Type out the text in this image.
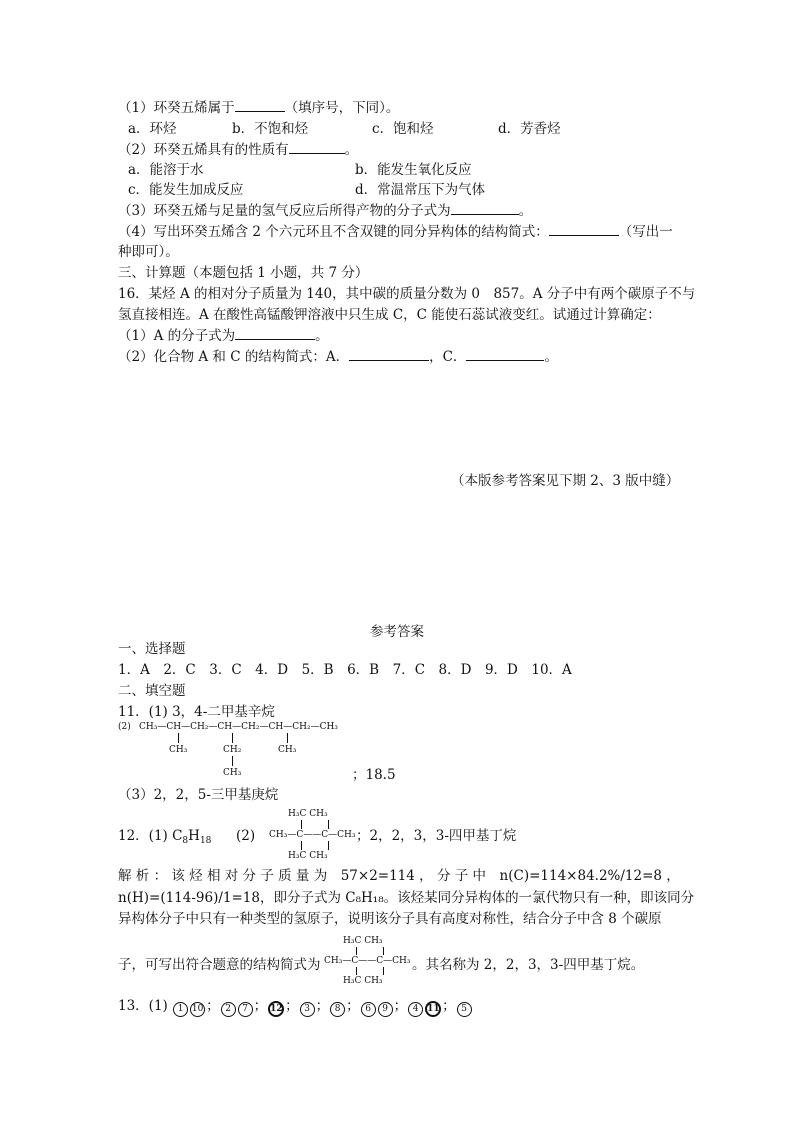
（1）环癸五烯属于	（填序号，下同）。
a．环烃	b．不饱和烃	c．饱和烃	d．芳香烃
（2）环癸五烯具有的性质有	。
a．能溶于水	b．能发生氧化反应
c．能发生加成反应	d．常温常压下为气体
（3）环癸五烯与足量的氢气反应后所得产物的分子式为	。
（4）写出环癸五烯含 2 个六元环且不含双键的同分异构体的结构简式：	（写出一
种即可）。
三、计算题（本题包括 1 小题，共 7 分）
16．某烃 A 的相对分子质量为 140，其中碳的质量分数为 0　857。A 分子中有两个碳原子不与
氢直接相连。A 在酸性高锰酸钾溶液中只生成 C，C 能使石蕊试液变红。试通过计算确定：
（1）A 的分子式为	。
（2）化合物 A 和 C 的结构简式：A．	，C．	。
（本版参考答案见下期 2、3 版中缝）
参考答案
一、选择题
1．A　2．C　3．C　4．D　5．B　6．B　7．C　8．D　9．D　10．A
二、填空题
11．(1) 3，4-二甲基辛烷
(2) CH₃—CH—CH₂—CH—CH₂—CH—CH₂—CH₃
CH₃	CH₂
CH₃
CH₃
；18.5
（3）2，2，5-三甲基庚烷
12．(1) $C_8H_{18}$ (2)
H₃C CH₃
CH₃—C——C—CH₃
H₃C CH₃
；2，2，3，3-四甲基丁烷
解 析 ： 该 烃 相 对 分 子 质 量 为　57×2=114 ， 分 子 中　n(C)=114×84.2%/12=8 ，
n(H)=(114-96)/1=18，即分子式为 C₈H₁₈。该烃某同分异构体的一氯代物只有一种，即该同分
异构体分子中只有一种类型的氢原子，说明该分子具有高度对称性，结合分子中含 8 个碳原
H₃C CH₃
CH₃—C——C—CH₃
H₃C CH₃
子，可写出符合题意的结构简式为	。其名称为 2，2，3，3-四甲基丁烷。
13．(1) 1 10 ； 2 7 ； 12 ； 3 ； 8 ； 6 9 ； 4 11 ； 5
